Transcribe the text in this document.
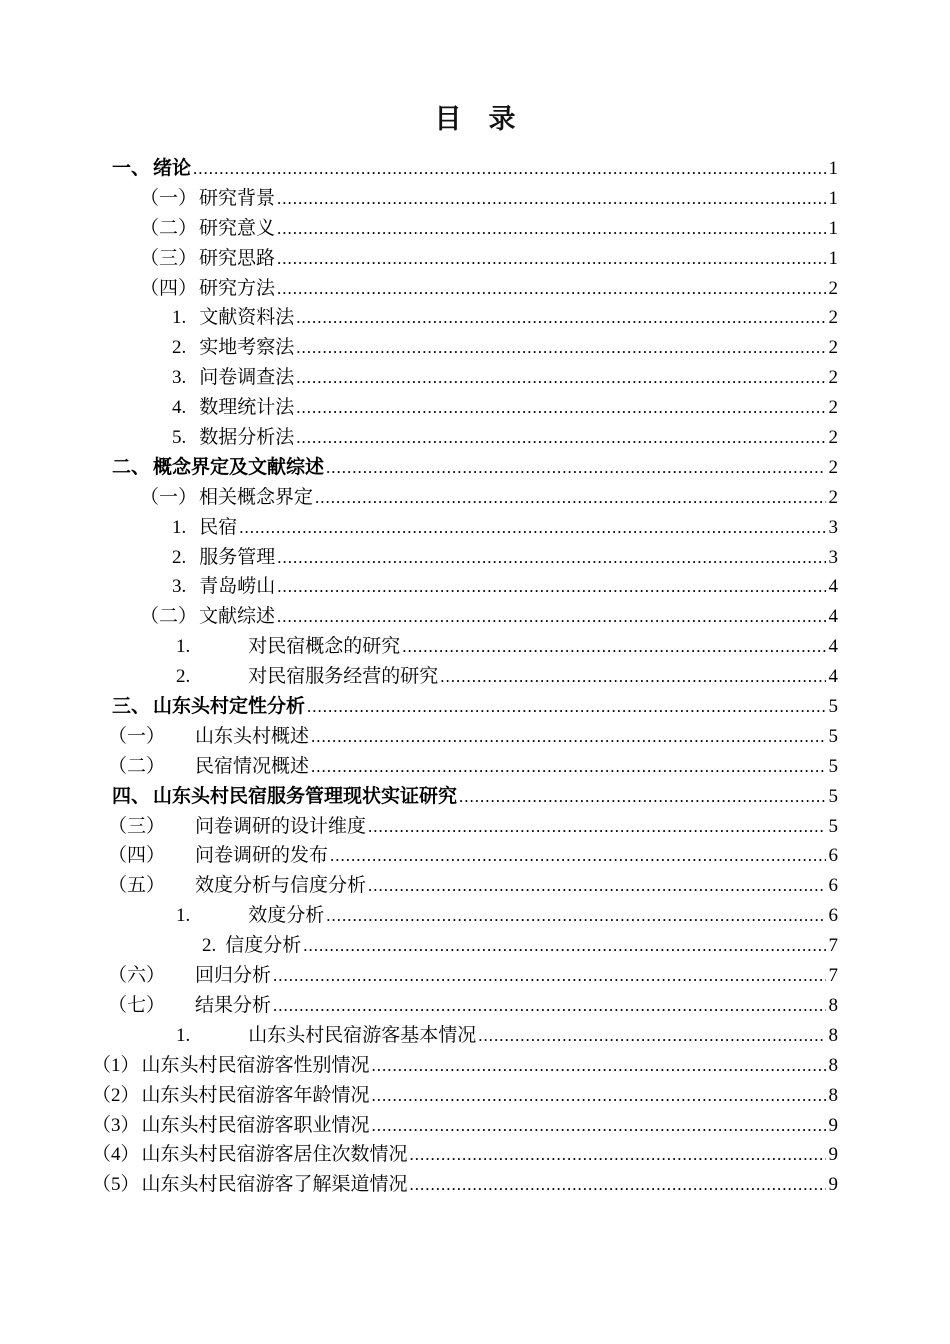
目　录
一、 绪论 .....	1
（一） 研究背景 .....	1
（二） 研究意义 .....	1
（三） 研究思路 .....	1
（四） 研究方法 .....	2
1. 文献资料法 .....	2
2. 实地考察法 .....	2
3. 问卷调查法 .....	2
4. 数理统计法 .....	2
5. 数据分析法 .....	2
二、 概念界定及文献综述 .....	2
（一） 相关概念界定 .....	2
1. 民宿 .....	3
2. 服务管理 .....	3
3. 青岛崂山 .....	4
（二） 文献综述 .....	4
1.	对民宿概念的研究 .....	4
2.	对民宿服务经营的研究 .....	4
三、 山东头村定性分析 .....	5
（一） 山东头村概述 .....	5
（二） 民宿情况概述 .....	5
四、 山东头村民宿服务管理现状实证研究 .....	5
（三） 问卷调研的设计维度 .....	5
（四） 问卷调研的发布 .....	6
（五） 效度分析与信度分析 .....	6
1.	效度分析 .....	6
2. 信度分析 .....	7
（六） 回归分析 .....	7
（七） 结果分析 .....	8
1.	山东头村民宿游客基本情况 .....	8
（1） 山东头村民宿游客性别情况 .....	8
（2） 山东头村民宿游客年龄情况 .....	8
（3） 山东头村民宿游客职业情况 .....	9
（4） 山东头村民宿游客居住次数情况 .....	9
（5） 山东头村民宿游客了解渠道情况 .....	9
